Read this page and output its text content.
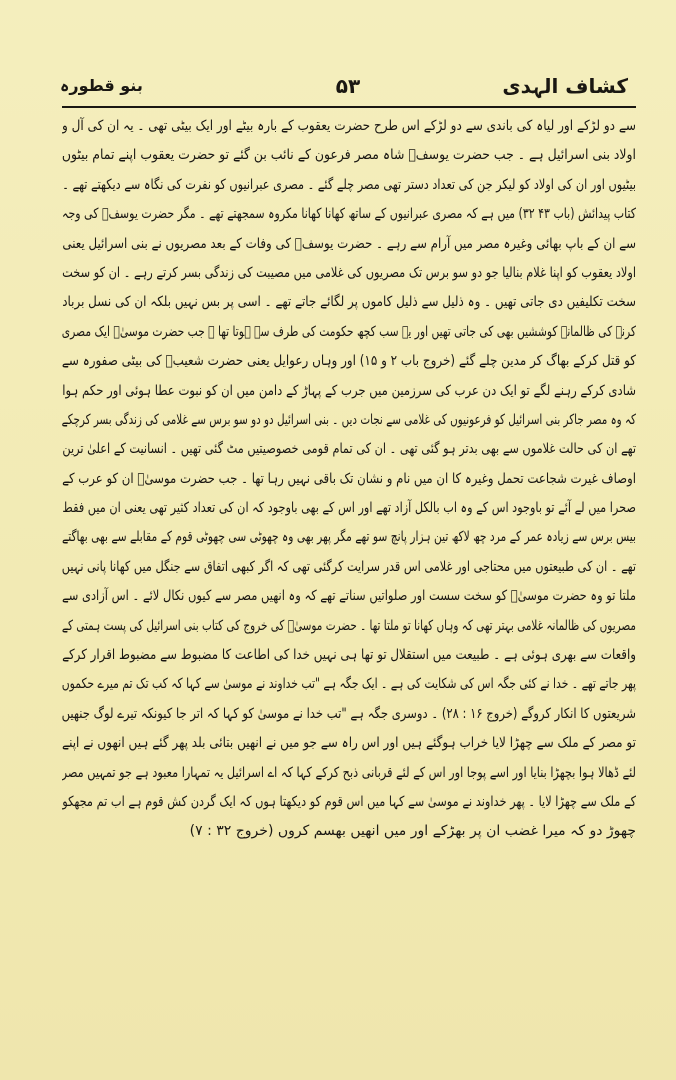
کشاف الہدی
۵۳
بنو قطورہ
سے دو لڑکے اور لیاہ کی باندی سے دو لڑکے اس طرح حضرت یعقوب کے بارہ بیٹے اور ایک بیٹی تھی ۔ یہ ان کی آل و
اولاد بنی اسرائیل ہے ۔ جب حضرت یوسفؑ شاہ مصر فرعون کے نائب بن گئے تو حضرت یعقوب اپنے تمام بیٹوں
بیٹیوں اور ان کی اولاد کو لیکر جن کی تعداد دستر تھی مصر چلے گئے ۔ مصری عبرانیوں کو نفرت کی نگاہ سے دیکھتے تھے ۔
کتاب پیدائش (باب ۴۳ ۳۲) میں ہے کہ مصری عبرانیوں کے ساتھ کھانا کھانا مکروہ سمجھتے تھے ۔ مگر حضرت یوسفؑ کی وجہ
سے ان کے باپ بھائی وغیرہ مصر میں آرام سے رہے ۔ حضرت یوسفؑ کی وفات کے بعد مصریوں نے بنی اسرائیل یعنی
اولاد یعقوب کو اپنا غلام بنالیا جو دو سو برس تک مصریوں کی غلامی میں مصیبت کی زندگی بسر کرتے رہے ۔ ان کو سخت
سخت تکلیفیں دی جاتی تھیں ۔ وہ ذلیل سے ذلیل کاموں پر لگائے جاتے تھے ۔ اسی پر بس نہیں بلکہ ان کی نسل برباد
کرنے کی ظالمانہ کوششیں بھی کی جاتی تھیں اور یہ سب کچھ حکومت کی طرف سے ہوتا تھا ۔ جب حضرت موسیٰؑ ایک مصری
کو قتل کرکے بھاگ کر مدین چلے گئے (خروج باب ۲ و ۱۵) اور وہاں رعوایل یعنی حضرت شعیبؑ کی بیٹی صفورہ سے
شادی کرکے رہنے لگے تو ایک دن عرب کی سرزمین میں جرب کے پہاڑ کے دامن میں ان کو نبوت عطا ہوئی اور حکم ہوا
کہ وہ مصر جاکر بنی اسرائیل کو فرعونیوں کی غلامی سے نجات دیں ۔ بنی اسرائیل دو دو سو برس سے غلامی کی زندگی بسر کرچکے
تھے ان کی حالت غلاموں سے بھی بدتر ہو گئی تھی ۔ ان کی تمام قومی خصوصیتیں مٹ گئی تھیں ۔ انسانیت کے اعلیٰ ترین
اوصاف غیرت شجاعت تحمل وغیرہ کا ان میں نام و نشان تک باقی نہیں رہا تھا ۔ جب حضرت موسیٰؑ ان کو عرب کے
صحرا میں لے آئے تو باوجود اس کے وہ اب بالکل آزاد تھے اور اس کے بھی باوجود کہ ان کی تعداد کثیر تھی یعنی ان میں فقط
بیس برس سے زیادہ عمر کے مرد چھ لاکھ تین ہزار پانچ سو تھے مگر پھر بھی وہ چھوٹی سی چھوٹی قوم کے مقابلے سے بھی بھاگتے
تھے ۔ ان کی طبیعتوں میں محتاجی اور غلامی اس قدر سرایت کرگئی تھی کہ اگر کبھی اتفاق سے جنگل میں کھانا پانی نہیں
ملتا تو وہ حضرت موسیٰؑ کو سخت سست اور صلواتیں سناتے تھے کہ وہ انھیں مصر سے کیوں نکال لائے ۔ اس آزادی سے
مصریوں کی ظالمانہ غلامی بہتر تھی کہ وہاں کھانا تو ملتا تھا ۔ حضرت موسیٰؑ کی خروج کی کتاب بنی اسرائیل کی پست ہمتی کے
واقعات سے بھری ہوئی ہے ۔ طبیعت میں استقلال تو تھا ہی نہیں خدا کی اطاعت کا مضبوط سے مضبوط اقرار کرکے
پھر جاتے تھے ۔ خدا نے کئی جگہ اس کی شکایت کی ہے ۔ ایک جگہ ہے "تب خداوند نے موسیٰ سے کہا کہ کب تک تم میرے حکموں
شریعتوں کا انکار کروگے (خروج ۱۶ : ۲۸) ۔ دوسری جگہ ہے "تب خدا نے موسیٰ کو کہا کہ اتر جا کیونکہ تیرے لوگ جنھیں
تو مصر کے ملک سے چھڑا لایا خراب ہوگئے ہیں اور اس راہ سے جو میں نے انھیں بتائی بلد پھر گئے ہیں انھوں نے اپنے
لئے ڈھالا ہوا بچھڑا بنایا اور اسے پوجا اور اس کے لئے قربانی ذبح کرکے کہا کہ اے اسرائیل یہ تمہارا معبود ہے جو تمہیں مصر
کے ملک سے چھڑا لایا ۔ پھر خداوند نے موسیٰ سے کہا میں اس قوم کو دیکھتا ہوں کہ ایک گردن کش قوم ہے اب تم مجھکو
چھوڑ دو کہ میرا غضب ان پر بھڑکے اور میں انھیں بھسم کروں (خروج ۳۲ : ۷)
